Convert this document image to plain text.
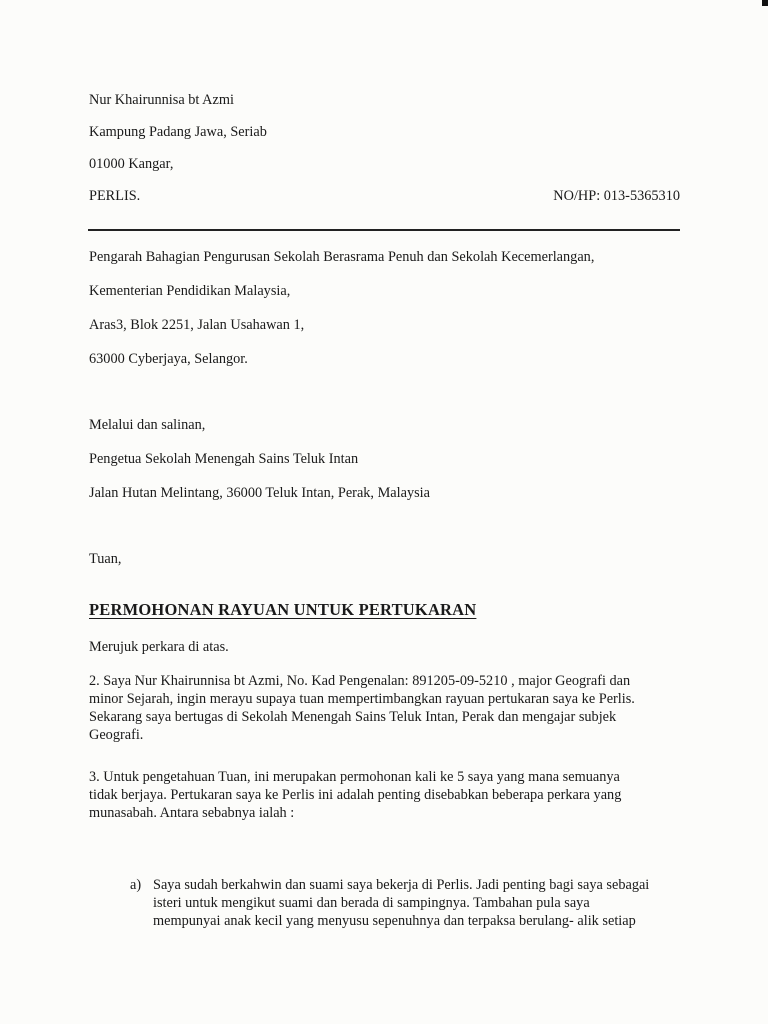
Nur Khairunnisa bt Azmi
Kampung Padang Jawa, Seriab
01000 Kangar,
PERLIS.	NO/HP: 013-5365310
Pengarah Bahagian Pengurusan Sekolah Berasrama Penuh dan Sekolah Kecemerlangan,
Kementerian Pendidikan Malaysia,
Aras3, Blok 2251, Jalan Usahawan 1,
63000 Cyberjaya, Selangor.
Melalui dan salinan,
Pengetua Sekolah Menengah Sains Teluk Intan
Jalan Hutan Melintang, 36000 Teluk Intan, Perak, Malaysia
Tuan,
PERMOHONAN RAYUAN UNTUK PERTUKARAN
Merujuk perkara di atas.

2. Saya Nur Khairunnisa bt Azmi, No. Kad Pengenalan: 891205-09-5210 , major Geografi dan

minor Sejarah, ingin merayu supaya tuan mempertimbangkan rayuan pertukaran saya ke Perlis.

Sekarang saya bertugas di Sekolah Menengah Sains Teluk Intan, Perak dan mengajar subjek

Geografi.

3. Untuk pengetahuan Tuan, ini merupakan permohonan kali ke 5 saya yang mana semuanya

tidak berjaya. Pertukaran saya ke Perlis ini adalah penting disebabkan beberapa perkara yang

munasabah. Antara sebabnya ialah :

a) Saya sudah berkahwin dan suami saya bekerja di Perlis. Jadi penting bagi saya sebagai
isteri untuk mengikut suami dan berada di sampingnya. Tambahan pula saya
mempunyai anak kecil yang menyusu sepenuhnya dan terpaksa berulang- alik setiap
